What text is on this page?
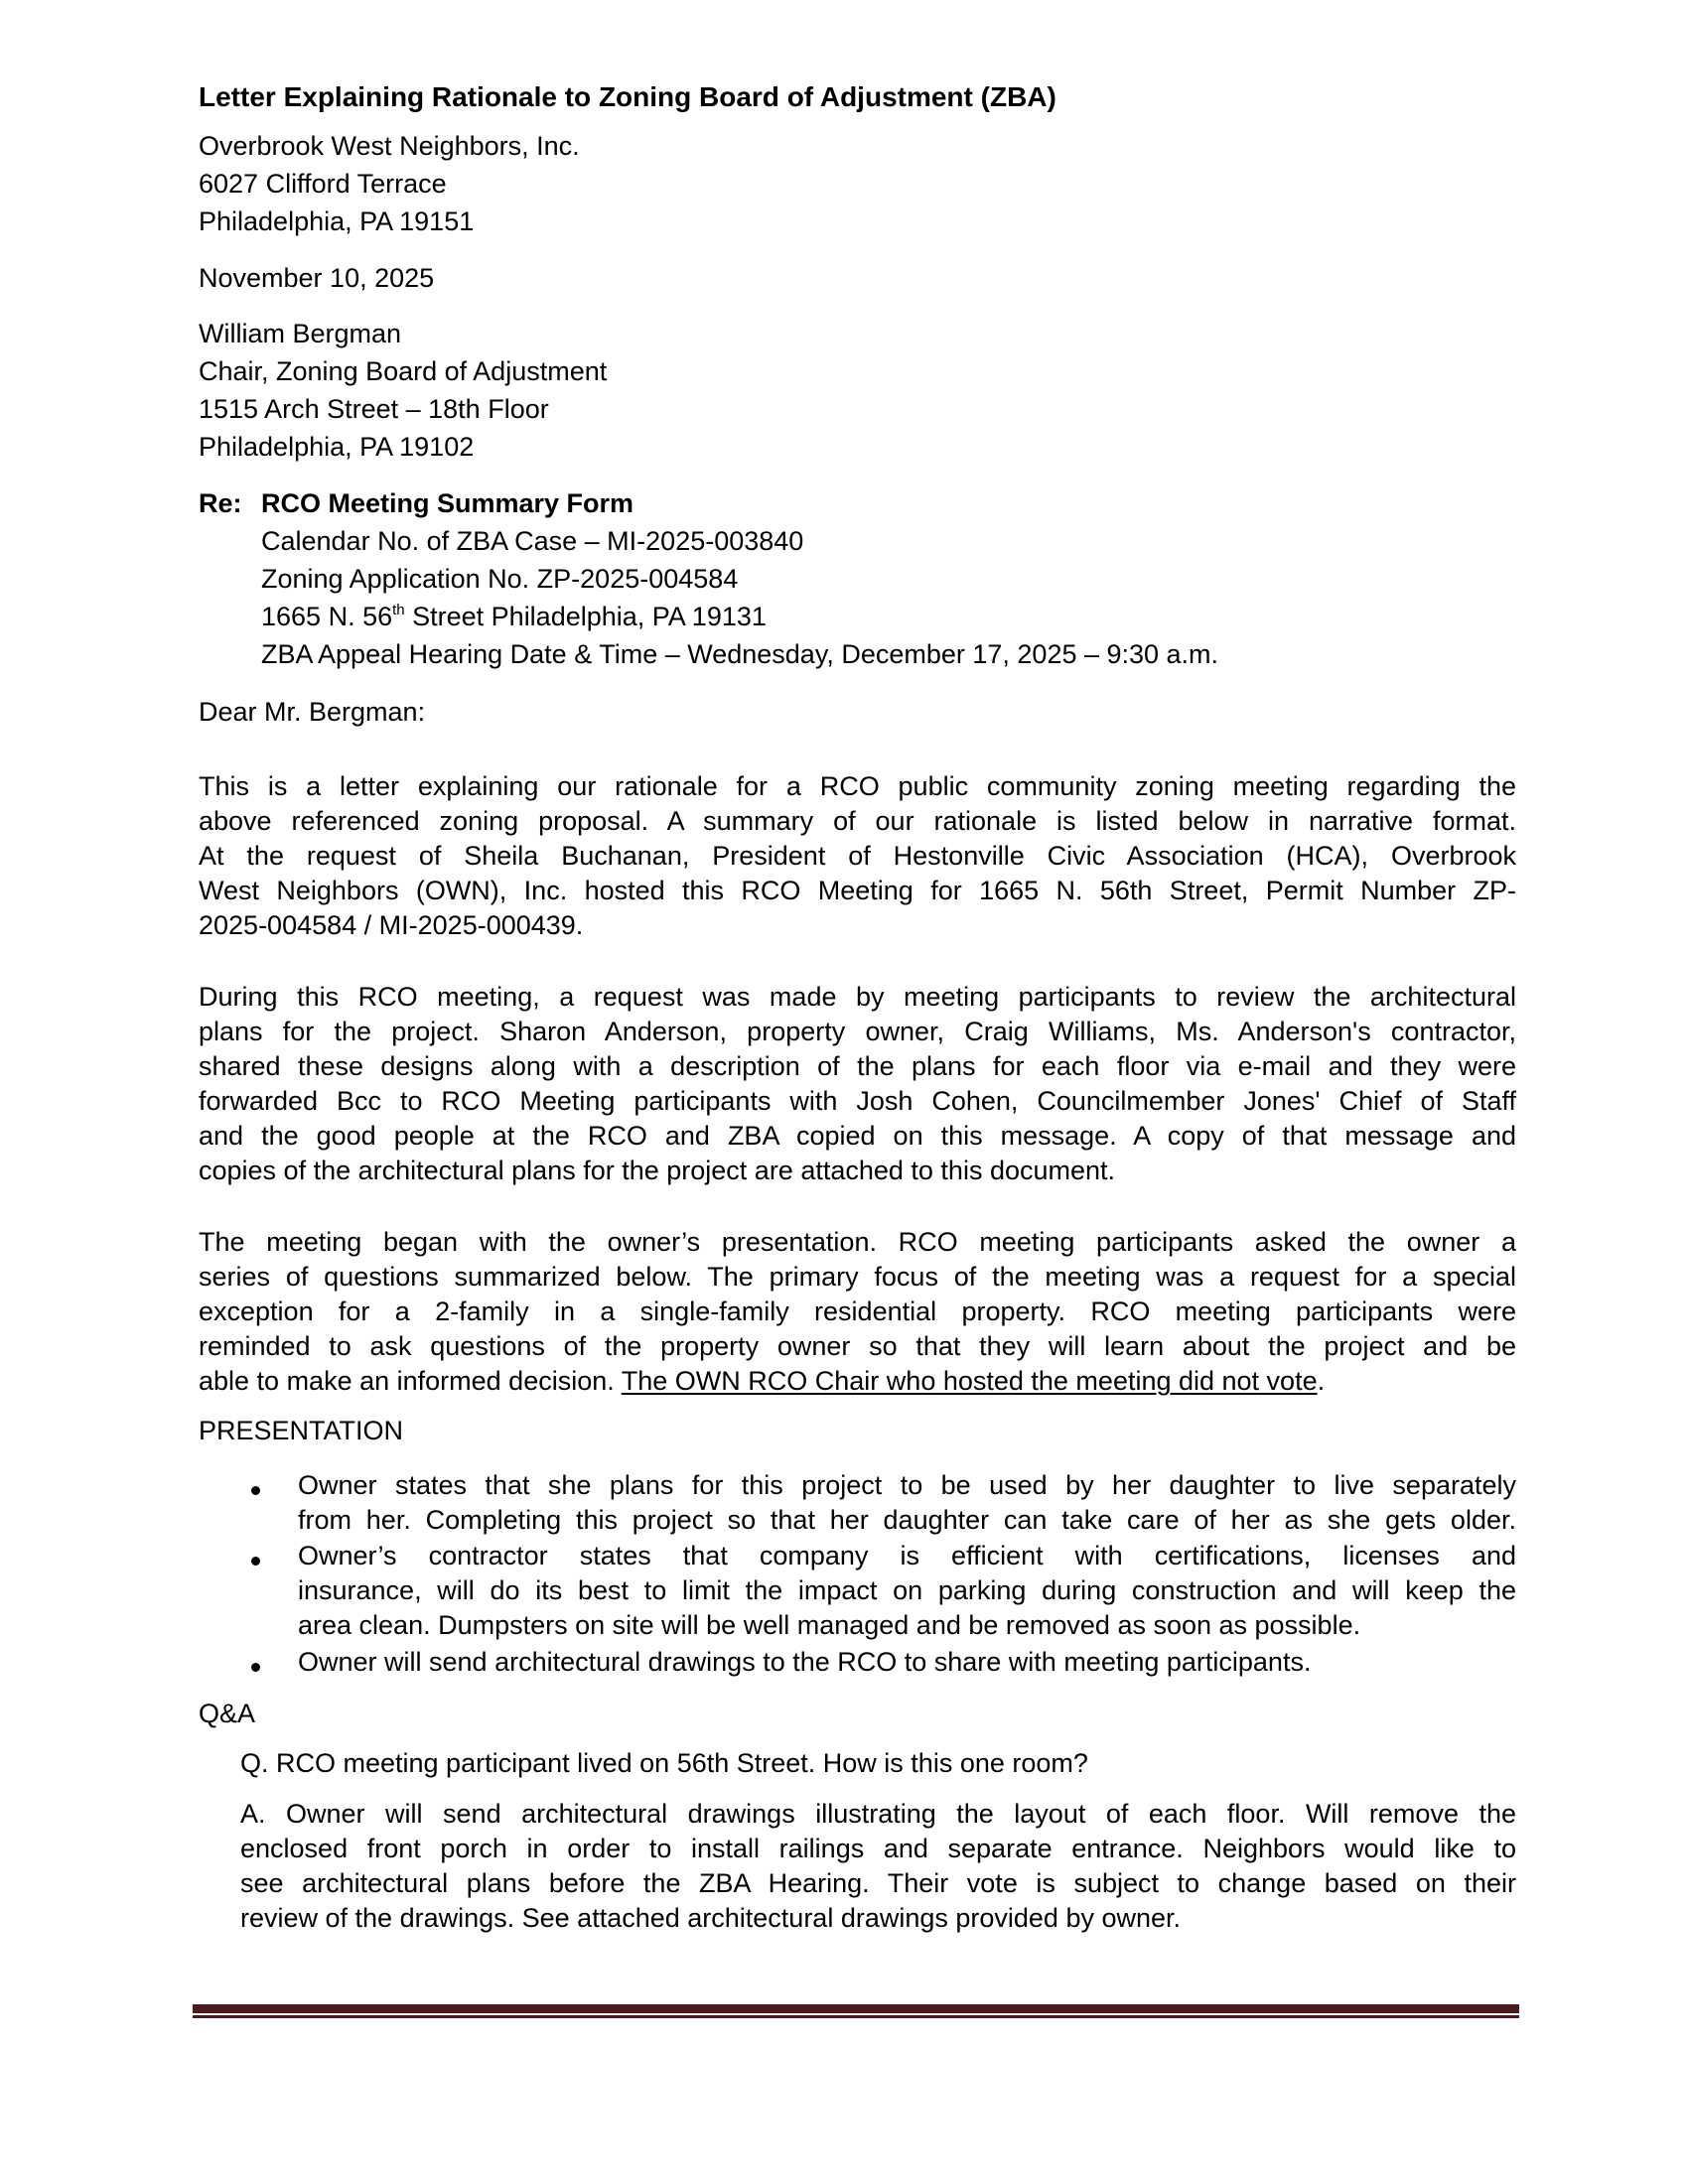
Letter Explaining Rationale to Zoning Board of Adjustment (ZBA)
Overbrook West Neighbors, Inc.
6027 Clifford Terrace
Philadelphia, PA 19151
November 10, 2025
William Bergman
Chair, Zoning Board of Adjustment
1515 Arch Street – 18th Floor
Philadelphia, PA 19102
Re: RCO Meeting Summary Form
Calendar No. of ZBA Case – MI-2025-003840
Zoning Application No. ZP-2025-004584
1665 N. 56th Street Philadelphia, PA 19131
ZBA Appeal Hearing Date & Time – Wednesday, December 17, 2025 – 9:30 a.m.
Dear Mr. Bergman:
This is a letter explaining our rationale for a RCO public community zoning meeting regarding the
above referenced zoning proposal. A summary of our rationale is listed below in narrative format.
At the request of Sheila Buchanan, President of Hestonville Civic Association (HCA), Overbrook
West Neighbors (OWN), Inc. hosted this RCO Meeting for 1665 N. 56th Street, Permit Number ZP-
2025-004584 / MI-2025-000439.
During this RCO meeting, a request was made by meeting participants to review the architectural
plans for the project. Sharon Anderson, property owner, Craig Williams, Ms. Anderson's contractor,
shared these designs along with a description of the plans for each floor via e-mail and they were
forwarded Bcc to RCO Meeting participants with Josh Cohen, Councilmember Jones' Chief of Staff
and the good people at the RCO and ZBA copied on this message. A copy of that message and
copies of the architectural plans for the project are attached to this document.
The meeting began with the owner’s presentation. RCO meeting participants asked the owner a
series of questions summarized below. The primary focus of the meeting was a request for a special
exception for a 2-family in a single-family residential property. RCO meeting participants were
reminded to ask questions of the property owner so that they will learn about the project and be
able to make an informed decision. The OWN RCO Chair who hosted the meeting did not vote.
PRESENTATION
Owner states that she plans for this project to be used by her daughter to live separately
from her. Completing this project so that her daughter can take care of her as she gets older.
Owner’s contractor states that company is efficient with certifications, licenses and
insurance, will do its best to limit the impact on parking during construction and will keep the
area clean. Dumpsters on site will be well managed and be removed as soon as possible.
Owner will send architectural drawings to the RCO to share with meeting participants.
Q&A
Q. RCO meeting participant lived on 56th Street. How is this one room?
A. Owner will send architectural drawings illustrating the layout of each floor. Will remove the
enclosed front porch in order to install railings and separate entrance. Neighbors would like to
see architectural plans before the ZBA Hearing. Their vote is subject to change based on their
review of the drawings. See attached architectural drawings provided by owner.
